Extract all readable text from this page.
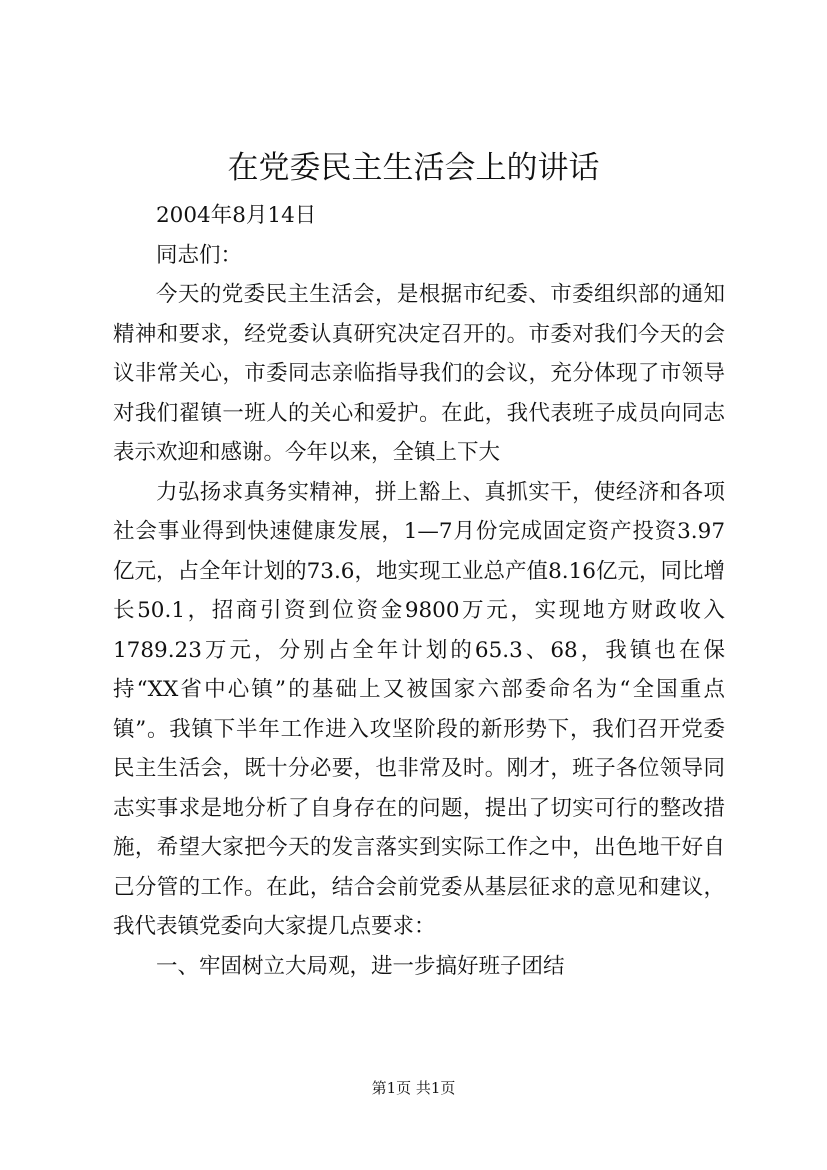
在党委民主生活会上的讲话

2004年8月14日

同志们：

今天的党委民主生活会，是根据市纪委、市委组织部的通知精神和要求，经党委认真研究决定召开的。市委对我们今天的会议非常关心，市委同志亲临指导我们的会议，充分体现了市领导对我们翟镇一班人的关心和爱护。在此，我代表班子成员向同志表示欢迎和感谢。今年以来，全镇上下大

力弘扬求真务实精神，拼上豁上、真抓实干，使经济和各项社会事业得到快速健康发展，1—7月份完成固定资产投资3.97亿元，占全年计划的73.6，地实现工业总产值8.16亿元，同比增长50.1，招商引资到位资金9800万元，实现地方财政收入1789.23万元，分别占全年计划的65.3、68，我镇也在保持“XX省中心镇”的基础上又被国家六部委命名为“全国重点镇”。我镇下半年工作进入攻坚阶段的新形势下，我们召开党委民主生活会，既十分必要，也非常及时。刚才，班子各位领导同志实事求是地分析了自身存在的问题，提出了切实可行的整改措施，希望大家把今天的发言落实到实际工作之中，出色地干好自己分管的工作。在此，结合会前党委从基层征求的意见和建议，我代表镇党委向大家提几点要求：

一、牢固树立大局观，进一步搞好班子团结

第1页 共1页
